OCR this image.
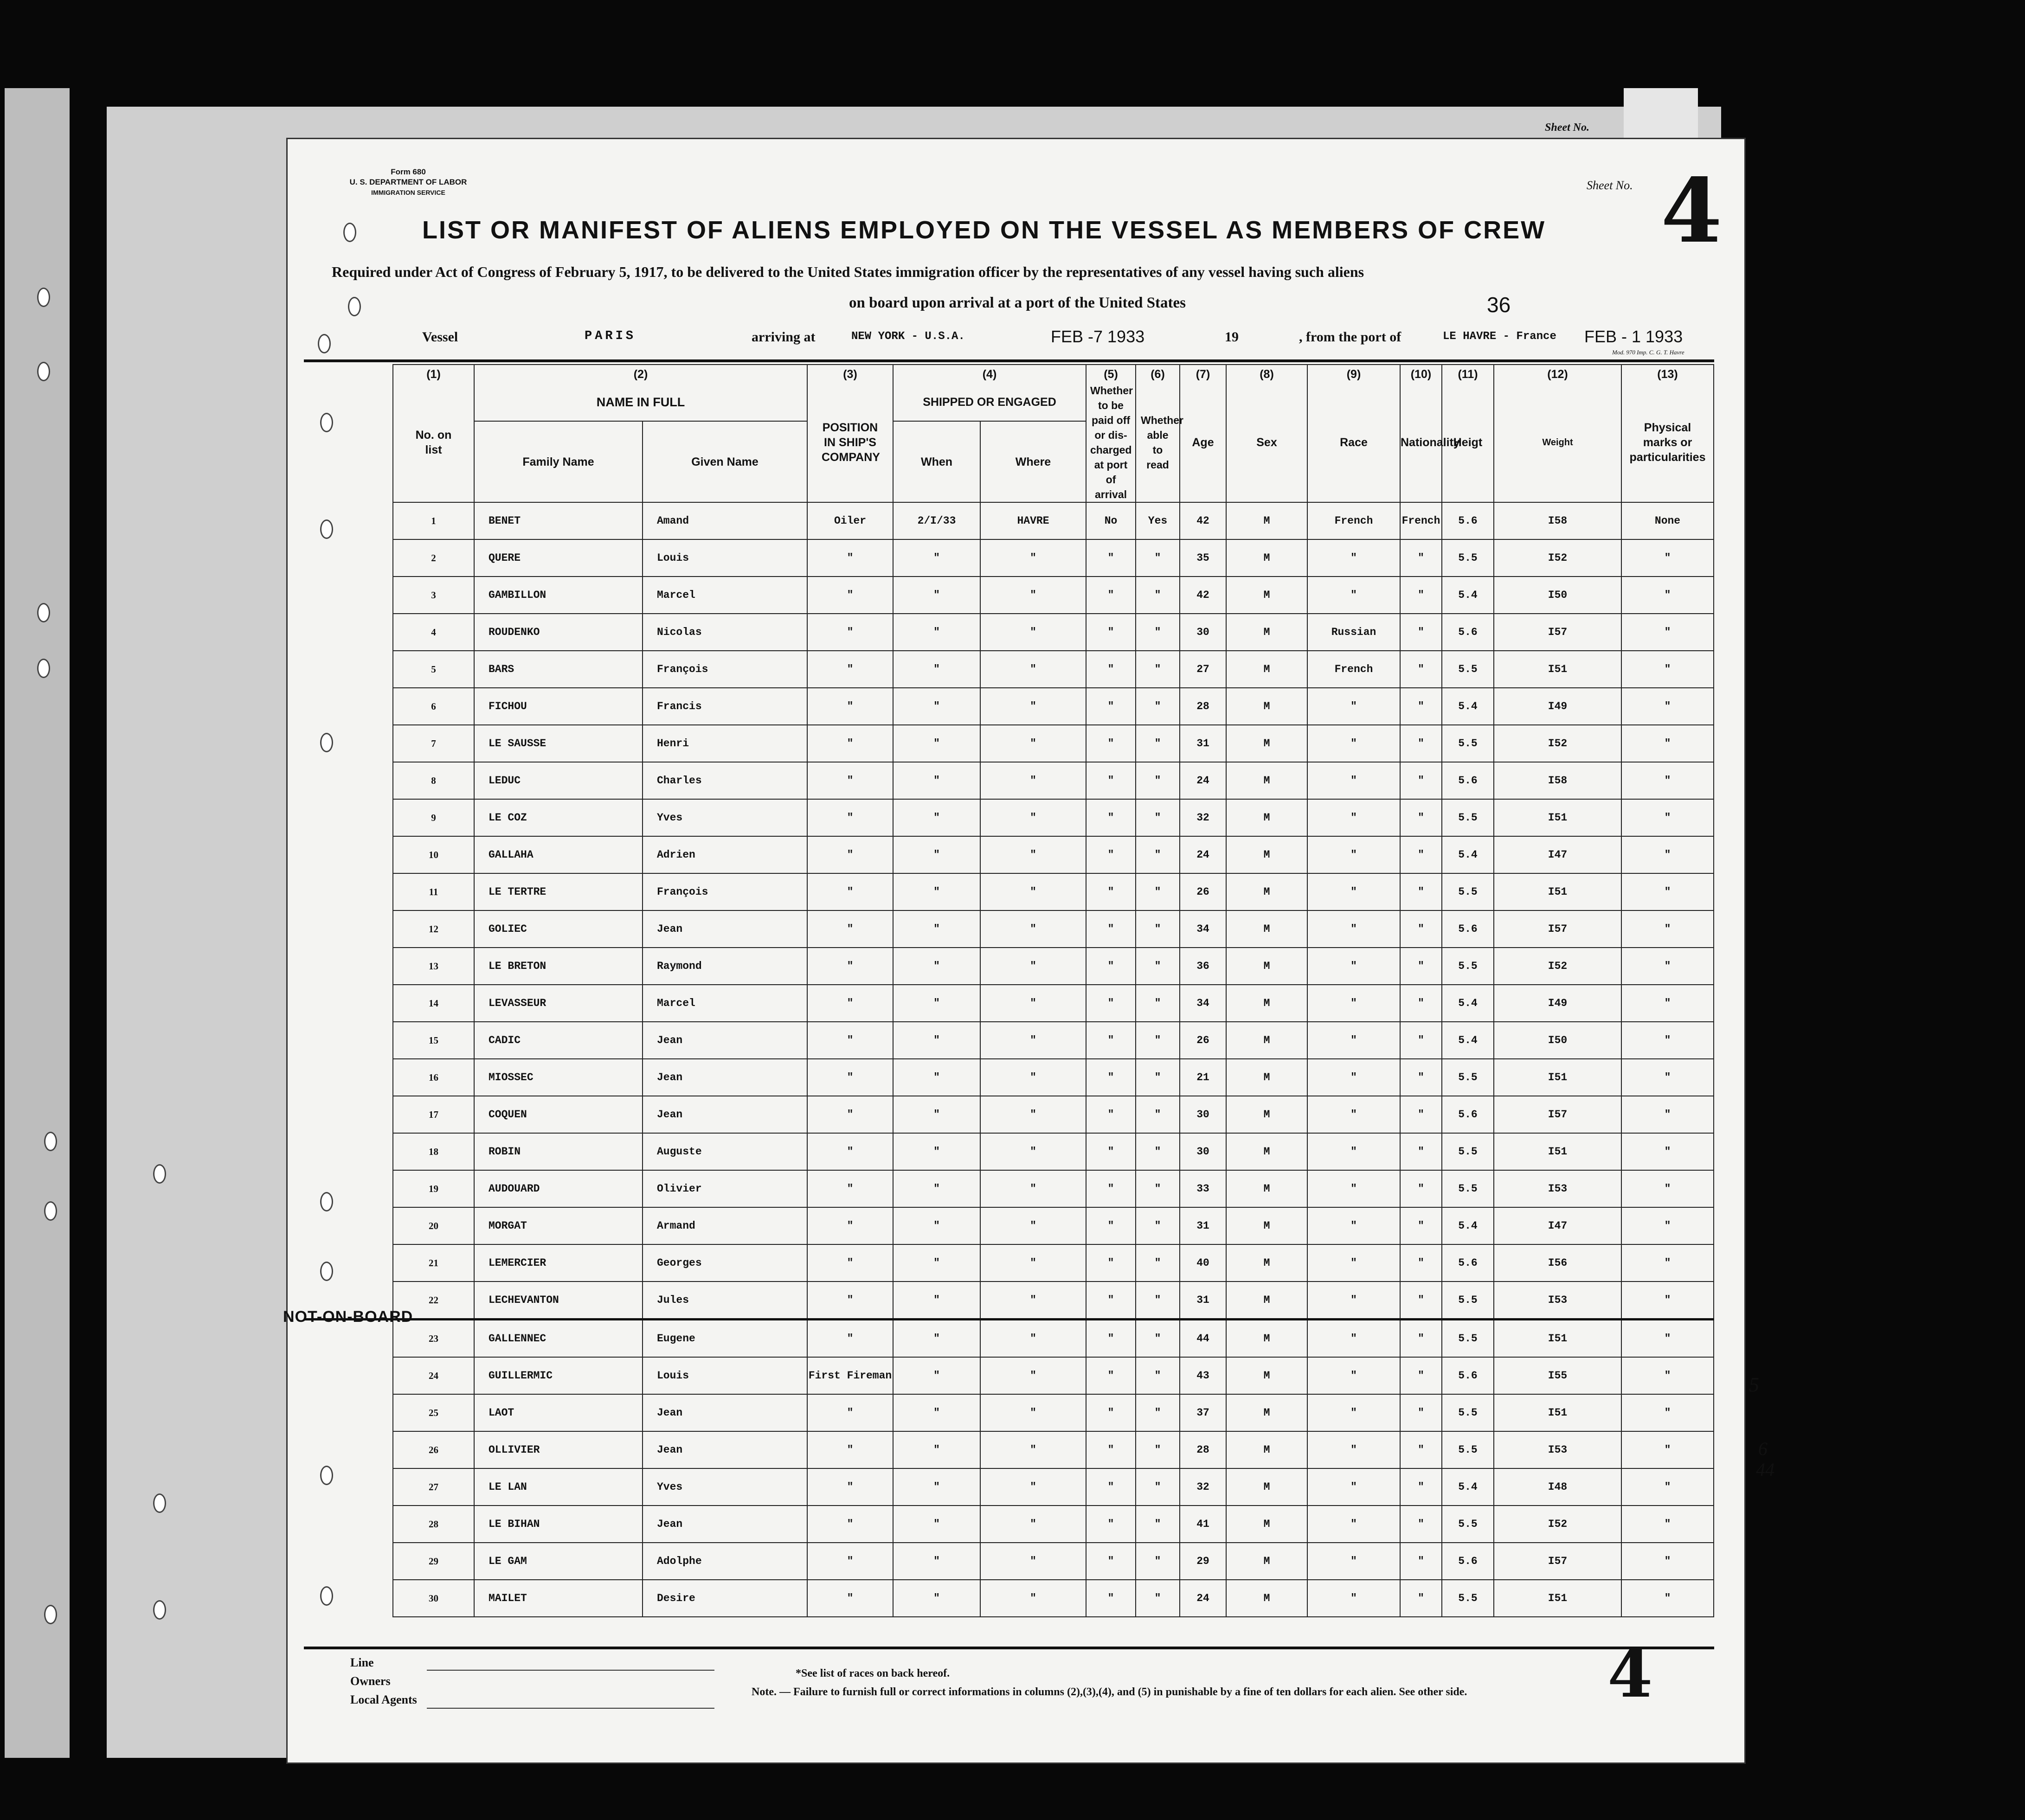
Sheet No.
Form 680
U. S. DEPARTMENT OF LABOR
IMMIGRATION SERVICE
Sheet No. 4
LIST OR MANIFEST OF ALIENS EMPLOYED ON THE VESSEL AS MEMBERS OF CREW
Required under Act of Congress of February 5, 1917, to be delivered to the United States immigration officer by the representatives of any vessel having such aliens
on board upon arrival at a port of the United States	36
Vessel	PARIS	arriving at	NEW YORK - U.S.A.	FEB -7 1933	19	, from the port of	LE HAVRE - France FEB - 1 1933
Mod. 970 Imp. C. G. T. Havre
	(1)	(2)		(3)	(4)		(5)	(6)	(7)	(8)	(9)	(10)	(11)	(12)	(13)
	No. on list	NAME IN FULL		POSITION IN SHIP'S COMPANY	SHIPPED OR ENGAGED		Whether to be paid off or dis- charged at port of arrival	Whether able to read	Age	Sex	Race	Nationality	Heigt	Weight	Physical marks or particularities
		Family Name	Given Name		When	Where									
	1	BENET	Amand	Oiler	2/I/33	HAVRE	No	Yes	42	M	French	French	5.6	I58	None
	2	QUERE	Louis	"	"	"	"	"	35	M	"	"	5.5	I52	"
	3	GAMBILLON	Marcel	"	"	"	"	"	42	M	"	"	5.4	I50	"
	4	ROUDENKO	Nicolas	"	"	"	"	"	30	M	Russian	"	5.6	I57	"
	5	BARS	François	"	"	"	"	"	27	M	French	"	5.5	I51	"
	6	FICHOU	Francis	"	"	"	"	"	28	M	"	"	5.4	I49	"
	7	LE SAUSSE	Henri	"	"	"	"	"	31	M	"	"	5.5	I52	"
	8	LEDUC	Charles	"	"	"	"	"	24	M	"	"	5.6	I58	"
	9	LE COZ	Yves	"	"	"	"	"	32	M	"	"	5.5	I51	"
	10	GALLAHA	Adrien	"	"	"	"	"	24	M	"	"	5.4	I47	"
	11	LE TERTRE	François	"	"	"	"	"	26	M	"	"	5.5	I51	"
	12	GOLIEC	Jean	"	"	"	"	"	34	M	"	"	5.6	I57	"
	13	LE BRETON	Raymond	"	"	"	"	"	36	M	"	"	5.5	I52	"
	14	LEVASSEUR	Marcel	"	"	"	"	"	34	M	"	"	5.4	I49	"
	15	CADIC	Jean	"	"	"	"	"	26	M	"	"	5.4	I50	"
	16	MIOSSEC	Jean	"	"	"	"	"	21	M	"	"	5.5	I51	"
	17	COQUEN	Jean	"	"	"	"	"	30	M	"	"	5.6	I57	"
	18	ROBIN	Auguste	"	"	"	"	"	30	M	"	"	5.5	I51	"
	19	AUDOUARD	Olivier	"	"	"	"	"	33	M	"	"	5.5	I53	"
	20	MORGAT	Armand	"	"	"	"	"	31	M	"	"	5.4	I47	"
	21	LEMERCIER	Georges	"	"	"	"	"	40	M	"	"	5.6	I56	"
	22	LECHEVANTON	Jules	"	"	"	"	"	31	M	"	"	5.5	I53	"
	23	GALLENNEC	Eugene	"	"	"	"	"	44	M	"	"	5.5	I51	"
	24	GUILLERMIC	Louis	First Fireman	"	"	"	"	43	M	"	"	5.6	I55	"
	25	LAOT	Jean	"	"	"	"	"	37	M	"	"	5.5	I51	"
	26	OLLIVIER	Jean	"	"	"	"	"	28	M	"	"	5.5	I53	"
	27	LE LAN	Yves	"	"	"	"	"	32	M	"	"	5.4	I48	"
	28	LE BIHAN	Jean	"	"	"	"	"	41	M	"	"	5.5	I52	"
	29	LE GAM	Adolphe	"	"	"	"	"	29	M	"	"	5.6	I57	"
	30	MAILET	Desire	"	"	"	"	"	24	M	"	"	5.5	I51	"
NOT-ON-BOARD
Line
Owners
Local Agents
*See list of races on back hereof.
Note. — Failure to furnish full or correct informations in columns (2),(3),(4), and (5) in punishable by a fine of ten dollars for each alien. See other side. 4
5
6
44
